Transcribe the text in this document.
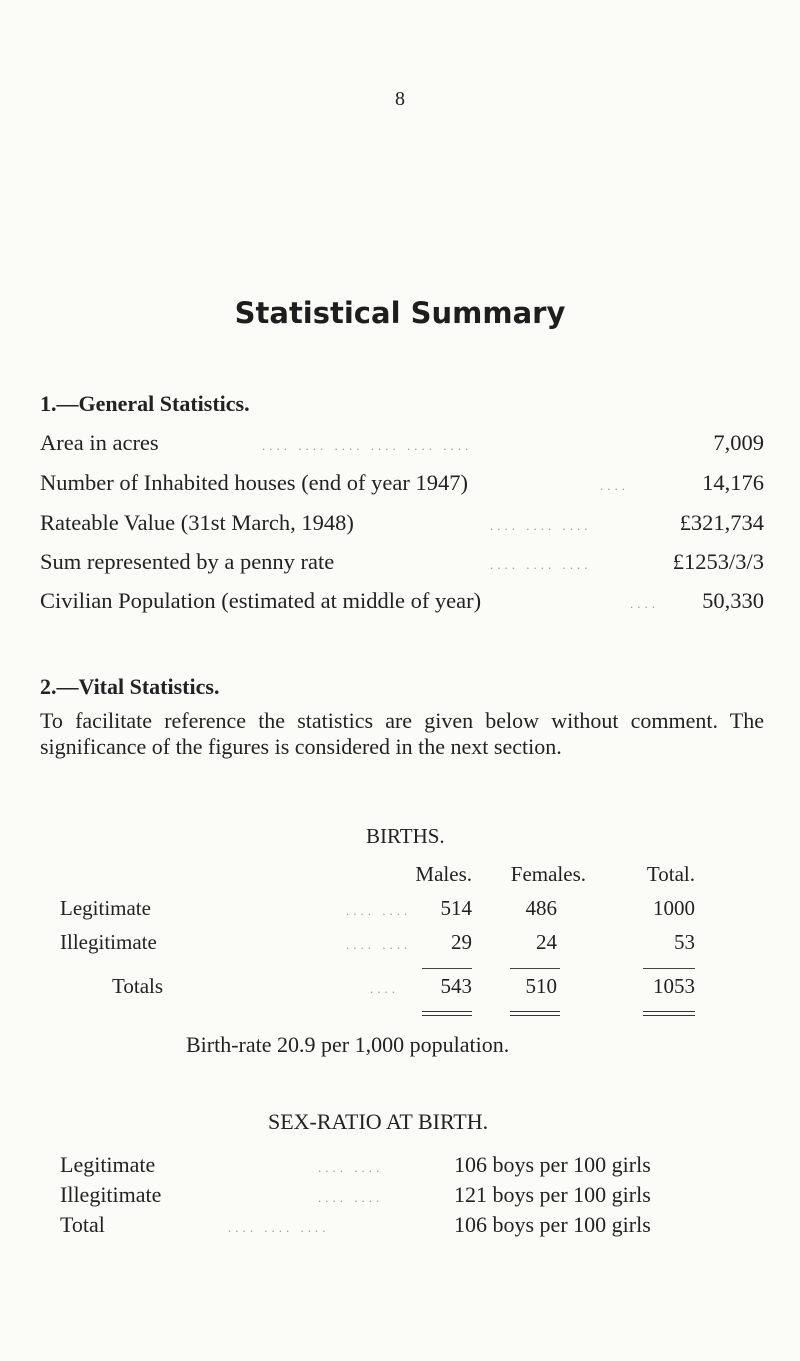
8
Statistical Summary
1.—General Statistics.
Area in acres	.... .... .... .... .... ....	7,009
Number of Inhabited houses (end of year 1947)	....	14,176
Rateable Value (31st March, 1948)	.... .... ....	£321,734
Sum represented by a penny rate	.... .... ....	£1253/3/3
Civilian Population (estimated at middle of year)	.... 50,330
2.—Vital Statistics.
To facilitate reference the statistics are given below without comment. The significance of the figures is considered in the next section.
BIRTHS.
Males.	Females.	Total.
Legitimate	.... ....	514	486	1000
Illegitimate	.... ....	29	24	53
Totals	....	543	510	1053
Birth-rate 20.9 per 1,000 population.
SEX-RATIO AT BIRTH.
Legitimate	.... ....	106 boys per 100 girls
Illegitimate	.... ....	121 boys per 100 girls
Total	.... .... ....	106 boys per 100 girls
